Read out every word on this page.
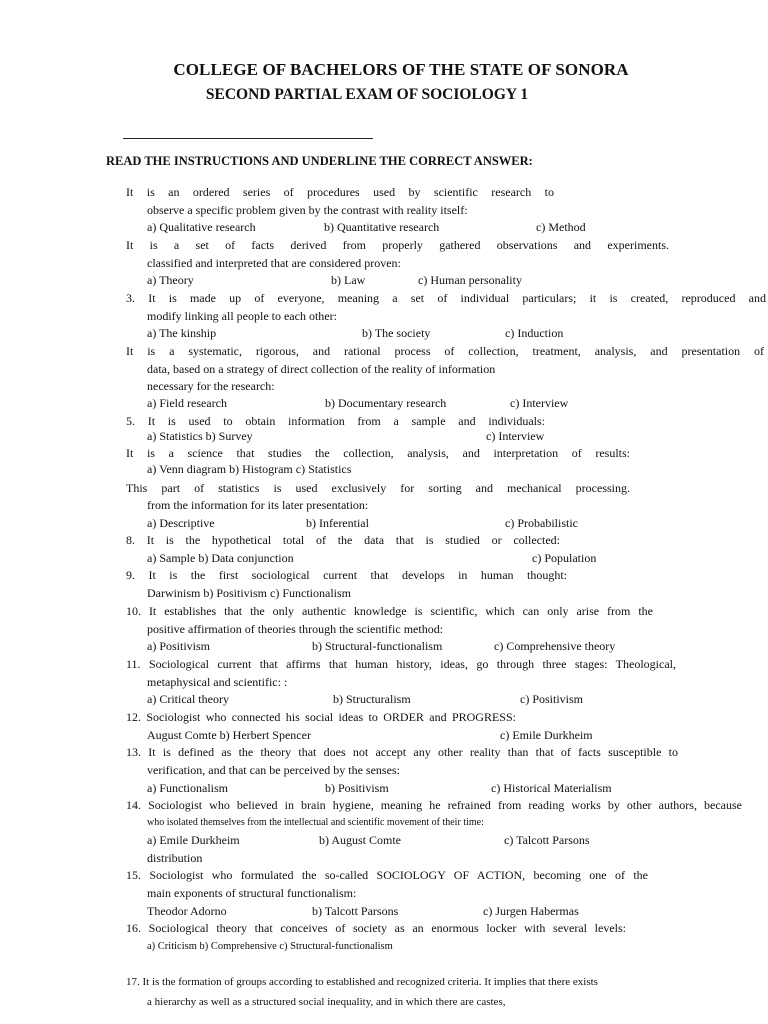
COLLEGE OF BACHELORS OF THE STATE OF SONORA
SECOND PARTIAL EXAM OF SOCIOLOGY 1
READ THE INSTRUCTIONS AND UNDERLINE THE CORRECT ANSWER:
It is an ordered series of procedures used by scientific research to
observe a specific problem given by the contrast with reality itself:
a) Qualitative research	b) Quantitative research	c) Method
It is a set of facts derived from properly gathered observations and experiments.
classified and interpreted that are considered proven:
a) Theory	b) Law	c) Human personality
3. It is made up of everyone, meaning a set of individual particulars; it is created, reproduced and
modify linking all people to each other:
a) The kinship	b) The society	c) Induction
It is a systematic, rigorous, and rational process of collection, treatment, analysis, and presentation of
data, based on a strategy of direct collection of the reality of information
necessary for the research:
a) Field research	b) Documentary research	c) Interview
5. It is used to obtain information from a sample and individuals:
a) Statistics b) Survey	c) Interview
It is a science that studies the collection, analysis, and interpretation of results:
a) Venn diagram b) Histogram c) Statistics
This part of statistics is used exclusively for sorting and mechanical processing.
from the information for its later presentation:
a) Descriptive	b) Inferential	c) Probabilistic
8. It is the hypothetical total of the data that is studied or collected:
a) Sample b) Data conjunction	c) Population
9. It is the first sociological current that develops in human thought:
Darwinism b) Positivism c) Functionalism
10. It establishes that the only authentic knowledge is scientific, which can only arise from the
positive affirmation of theories through the scientific method:
a) Positivism	b) Structural-functionalism	c) Comprehensive theory
11. Sociological current that affirms that human history, ideas, go through three stages: Theological,
metaphysical and scientific: :
a) Critical theory	b) Structuralism	c) Positivism
12. Sociologist who connected his social ideas to ORDER and PROGRESS:
August Comte b) Herbert Spencer	c) Emile Durkheim
13. It is defined as the theory that does not accept any other reality than that of facts susceptible to
verification, and that can be perceived by the senses:
a) Functionalism	b) Positivism	c) Historical Materialism
14. Sociologist who believed in brain hygiene, meaning he refrained from reading works by other authors, because
who isolated themselves from the intellectual and scientific movement of their time:
a) Emile Durkheim	b) August Comte	c) Talcott Parsons
distribution
15. Sociologist who formulated the so-called SOCIOLOGY OF ACTION, becoming one of the
main exponents of structural functionalism:
Theodor Adorno	b) Talcott Parsons	c) Jurgen Habermas
16. Sociological theory that conceives of society as an enormous locker with several levels:
a) Criticism b) Comprehensive c) Structural-functionalism
17. It is the formation of groups according to established and recognized criteria. It implies that there exists
a hierarchy as well as a structured social inequality, and in which there are castes,
